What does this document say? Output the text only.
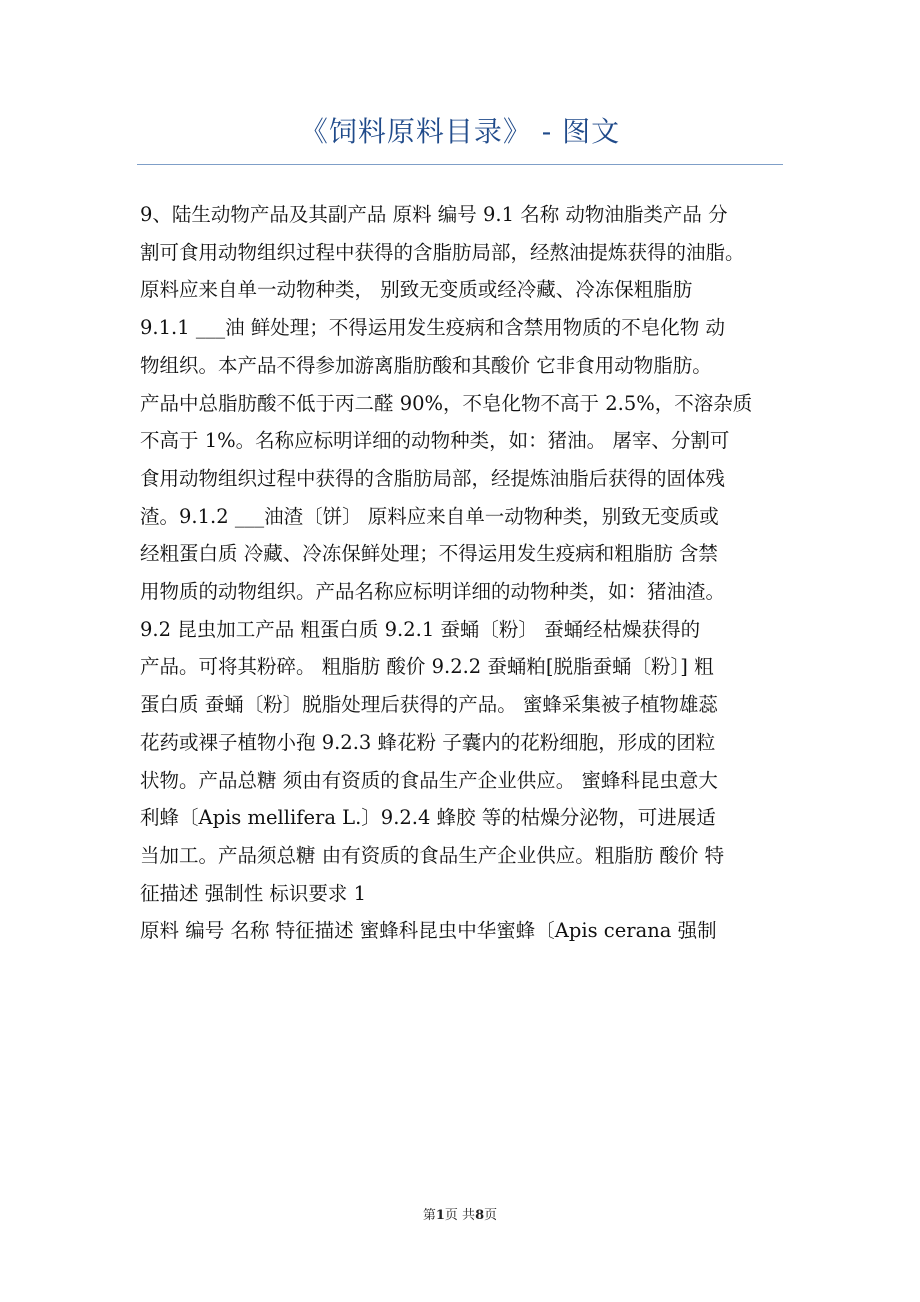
《饲料原料目录》 - 图文
9、陆生动物产品及其副产品 原料 编号 9.1 名称 动物油脂类产品 分
割可食用动物组织过程中获得的含脂肪局部，经熬油提炼获得的油脂。
原料应来自单一动物种类， 别致无变质或经冷藏、冷冻保粗脂肪
9.1.1 ___油 鲜处理；不得运用发生疫病和含禁用物质的不皂化物 动
物组织。本产品不得参加游离脂肪酸和其酸价 它非食用动物脂肪。
产品中总脂肪酸不低于丙二醛 90%，不皂化物不高于 2.5%，不溶杂质
不高于 1%。名称应标明详细的动物种类，如：猪油。 屠宰、分割可
食用动物组织过程中获得的含脂肪局部，经提炼油脂后获得的固体残
渣。9.1.2 ___油渣〔饼〕 原料应来自单一动物种类，别致无变质或
经粗蛋白质 冷藏、冷冻保鲜处理；不得运用发生疫病和粗脂肪 含禁
用物质的动物组织。产品名称应标明详细的动物种类，如：猪油渣。
9.2 昆虫加工产品 粗蛋白质 9.2.1 蚕蛹〔粉〕 蚕蛹经枯燥获得的
产品。可将其粉碎。 粗脂肪 酸价 9.2.2 蚕蛹粕[脱脂蚕蛹〔粉〕] 粗
蛋白质 蚕蛹〔粉〕脱脂处理后获得的产品。 蜜蜂采集被子植物雄蕊
花药或裸子植物小孢 9.2.3 蜂花粉 子囊内的花粉细胞，形成的团粒
状物。产品总糖 须由有资质的食品生产企业供应。 蜜蜂科昆虫意大
利蜂〔Apis mellifera L.〕9.2.4 蜂胶 等的枯燥分泌物，可进展适
当加工。产品须总糖 由有资质的食品生产企业供应。粗脂肪 酸价 特
征描述 强制性 标识要求 1
原料 编号 名称 特征描述 蜜蜂科昆虫中华蜜蜂〔Apis cerana 强制
第1页 共8页
